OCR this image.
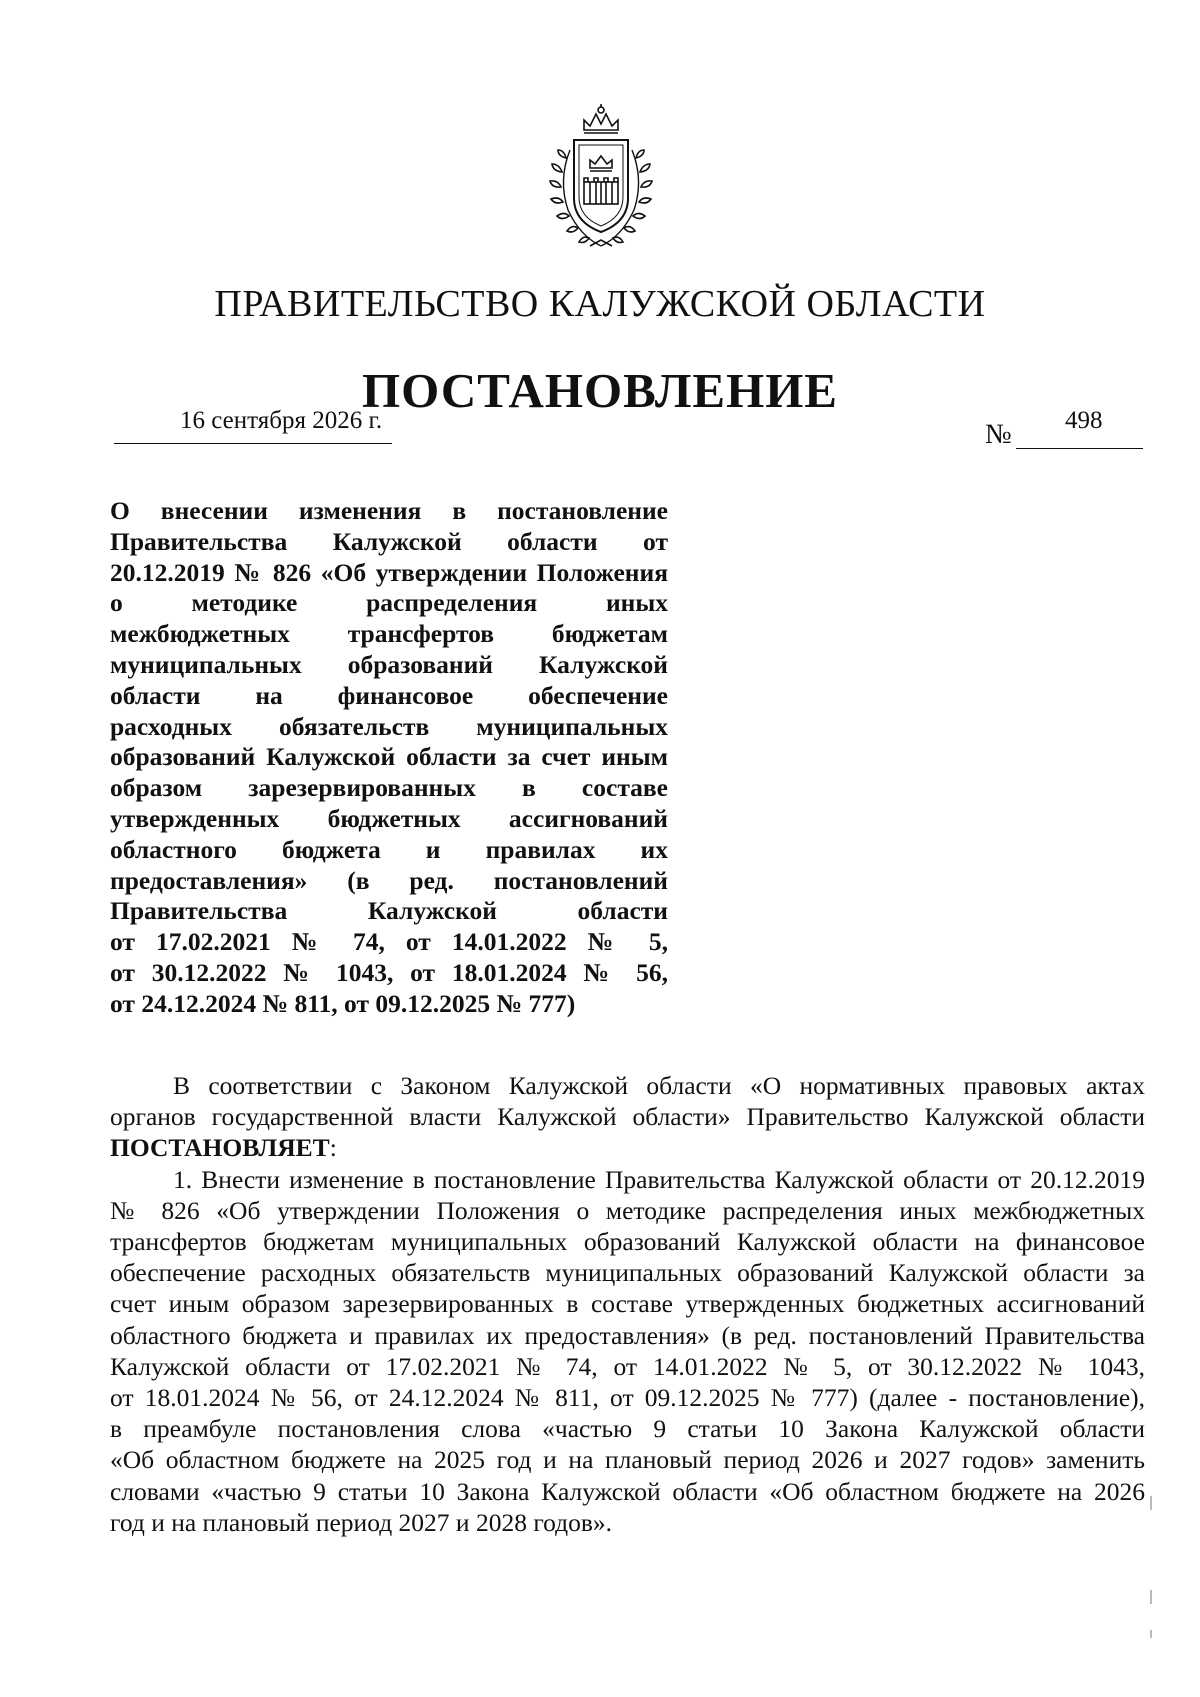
ПРАВИТЕЛЬСТВО КАЛУЖСКОЙ ОБЛАСТИ
ПОСТАНОВЛЕНИЕ
16 сентября 2026 г.	№ 498
О внесении изменения в постановление
Правительства Калужской области от
20.12.2019 № 826 «Об утверждении Положения
о методике распределения иных
межбюджетных трансфертов бюджетам
муниципальных образований Калужской
области на финансовое обеспечение
расходных обязательств муниципальных
образований Калужской области за счет иным
образом зарезервированных в составе
утвержденных бюджетных ассигнований
областного бюджета и правилах их
предоставления» (в ред. постановлений
Правительства Калужской области
от 17.02.2021 № 74, от 14.01.2022 № 5,
от 30.12.2022 № 1043, от 18.01.2024 № 56,
от 24.12.2024 № 811, от 09.12.2025 № 777)
В соответствии с Законом Калужской области «О нормативных правовых актах
органов государственной власти Калужской области» Правительство Калужской области
ПОСТАНОВЛЯЕТ:
1. Внести изменение в постановление Правительства Калужской области от 20.12.2019
№ 826 «Об утверждении Положения о методике распределения иных межбюджетных
трансфертов бюджетам муниципальных образований Калужской области на финансовое
обеспечение расходных обязательств муниципальных образований Калужской области за
счет иным образом зарезервированных в составе утвержденных бюджетных ассигнований
областного бюджета и правилах их предоставления» (в ред. постановлений Правительства
Калужской области от 17.02.2021 № 74, от 14.01.2022 № 5, от 30.12.2022 № 1043,
от 18.01.2024 № 56, от 24.12.2024 № 811, от 09.12.2025 № 777) (далее - постановление),
в преамбуле постановления слова «частью 9 статьи 10 Закона Калужской области
«Об областном бюджете на 2025 год и на плановый период 2026 и 2027 годов» заменить
словами «частью 9 статьи 10 Закона Калужской области «Об областном бюджете на 2026
год и на плановый период 2027 и 2028 годов».
